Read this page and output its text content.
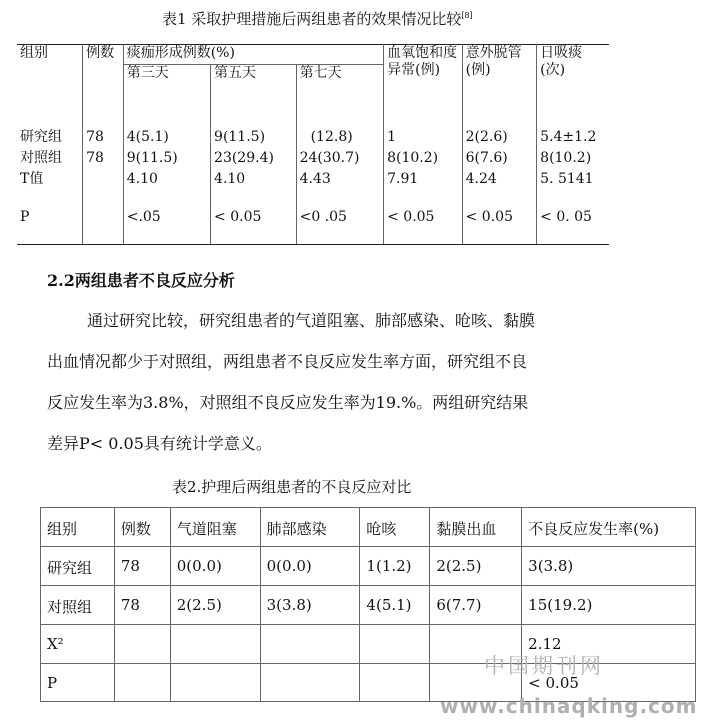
表1 采取护理措施后两组患者的效果情况比较[8]
组别	例数	痰痂形成例数(%)			血氧饱和度异常(例)	意外脱管(例)	日吸痰(次)
		第三天	第五天	第七天			
研究组	78	4(5.1)	9(11.5)	(12.8)	1	2(2.6)	5.4±1.2
对照组	78	9(11.5)	23(29.4)	24(30.7)	8(10.2)	6(7.6)	8(10.2)
T值		4.10	4.10	4.43	7.91	4.24	5. 5141
P		<.05	< 0.05	<0 .05	< 0.05	< 0.05	< 0. 05
2.2两组患者不良反应分析
通过研究比较，研究组患者的气道阻塞、肺部感染、呛咳、黏膜
出血情况都少于对照组，两组患者不良反应发生率方面，研究组不良
反应发生率为3.8%，对照组不良反应发生率为19.%。两组研究结果
差异P< 0.05具有统计学意义。
表2.护理后两组患者的不良反应对比
组别	例数	气道阻塞	肺部感染	呛咳	黏膜出血	不良反应发生率(%)
研究组	78	0(0.0)	0(0.0)	1(1.2)	2(2.5)	3(3.8)
对照组	78	2(2.5)	3(3.8)	4(5.1)	6(7.7)	15(19.2)
X²						2.12
P						< 0.05
中国期刊网
www.chinaqking.com
